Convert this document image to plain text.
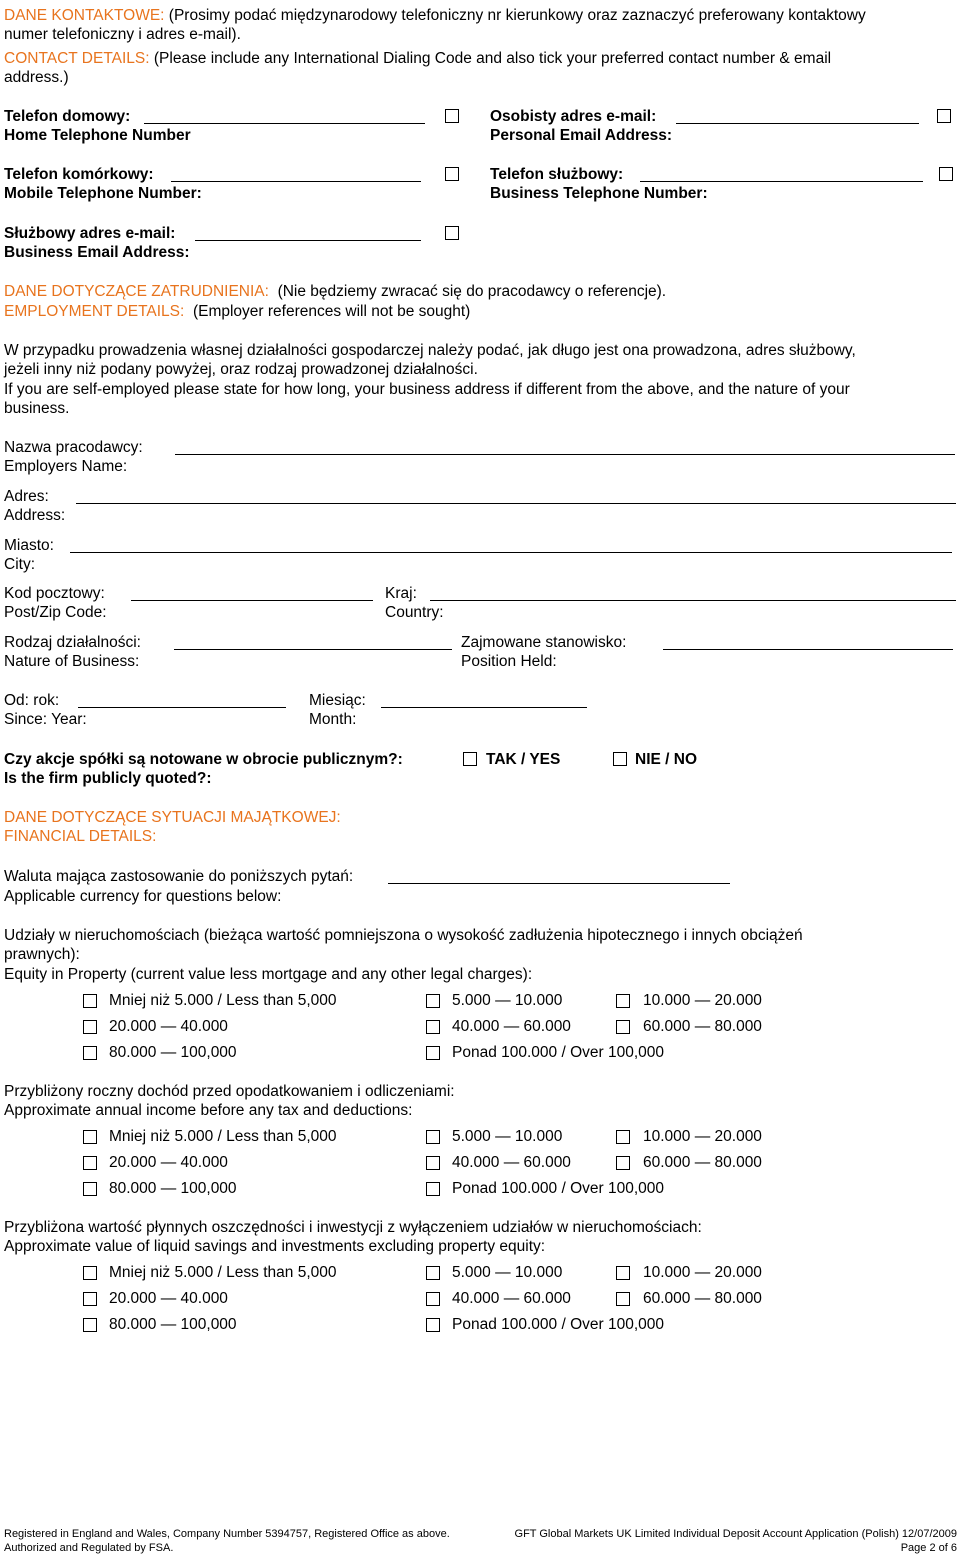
DANE KONTAKTOWE: (Prosimy podać międzynarodowy telefoniczny nr kierunkowy oraz zaznaczyć preferowany kontaktowy
numer telefoniczny i adres e-mail).
CONTACT DETAILS: (Please include any International Dialing Code and also tick your preferred contact number & email
address.)
Telefon domowy:
Home Telephone Number
Osobisty adres e-mail:
Personal Email Address:
Telefon komórkowy:
Mobile Telephone Number:
Telefon służbowy:
Business Telephone Number:
Służbowy adres e-mail:
Business Email Address:
DANE DOTYCZĄCE ZATRUDNIENIA: (Nie będziemy zwracać się do pracodawcy o referencje).
EMPLOYMENT DETAILS: (Employer references will not be sought)
W przypadku prowadzenia własnej działalności gospodarczej należy podać, jak długo jest ona prowadzona, adres służbowy,
jeżeli inny niż podany powyżej, oraz rodzaj prowadzonej działalności.
If you are self-employed please state for how long, your business address if different from the above, and the nature of your
business.
Nazwa pracodawcy:
Employers Name:
Adres:
Address:
Miasto:
City:
Kod pocztowy:
Post/Zip Code:
Kraj:
Country:
Rodzaj działalności:
Nature of Business:
Zajmowane stanowisko:
Position Held:
Od: rok:
Since: Year:
Miesiąc:
Month:
Czy akcje spółki są notowane w obrocie publicznym?:
Is the firm publicly quoted?:
TAK / YES	NIE / NO
DANE DOTYCZĄCE SYTUACJI MAJĄTKOWEJ:
FINANCIAL DETAILS:
Waluta mająca zastosowanie do poniższych pytań:
Applicable currency for questions below:
Udziały w nieruchomościach (bieżąca wartość pomniejszona o wysokość zadłużenia hipotecznego i innych obciążeń
prawnych):
Equity in Property (current value less mortgage and any other legal charges):
Mniej niż 5.000 / Less than 5,000	5.000 — 10.000	10.000 — 20.000
20.000 — 40.000	40.000 — 60.000	60.000 — 80.000
80.000 — 100,000	Ponad 100.000 / Over 100,000
Przybliżony roczny dochód przed opodatkowaniem i odliczeniami:
Approximate annual income before any tax and deductions:
Mniej niż 5.000 / Less than 5,000	5.000 — 10.000	10.000 — 20.000
20.000 — 40.000	40.000 — 60.000	60.000 — 80.000
80.000 — 100,000	Ponad 100.000 / Over 100,000
Przybliżona wartość płynnych oszczędności i inwestycji z wyłączeniem udziałów w nieruchomościach:
Approximate value of liquid savings and investments excluding property equity:
Mniej niż 5.000 / Less than 5,000	5.000 — 10.000	10.000 — 20.000
20.000 — 40.000	40.000 — 60.000	60.000 — 80.000
80.000 — 100,000	Ponad 100.000 / Over 100,000
Registered in England and Wales, Company Number 5394757, Registered Office as above.
Authorized and Regulated by FSA.
GFT Global Markets UK Limited Individual Deposit Account Application (Polish) 12/07/2009
Page 2 of 6
